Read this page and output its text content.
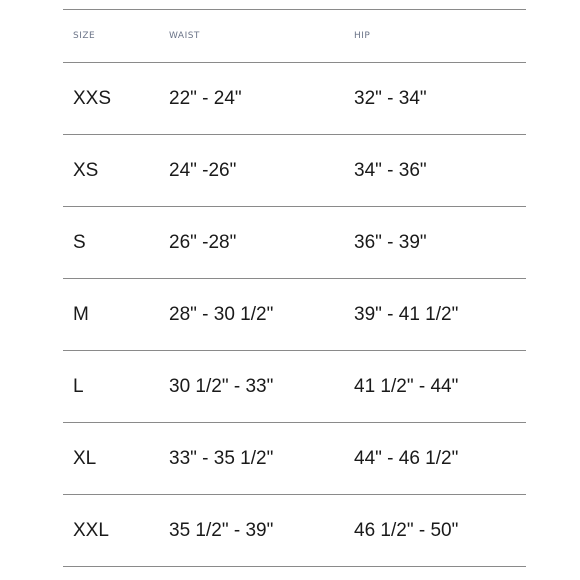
SIZE	WAIST	HIP
XXS	22" - 24"	32" - 34"
XS	24" -26"	34" - 36"
S	26" -28"	36" - 39"
M	28" - 30 1/2"	39" - 41 1/2"
L	30 1/2" - 33"	41 1/2" - 44"
XL	33" - 35 1/2"	44" - 46 1/2"
XXL	35 1/2" - 39"	46 1/2" - 50"
